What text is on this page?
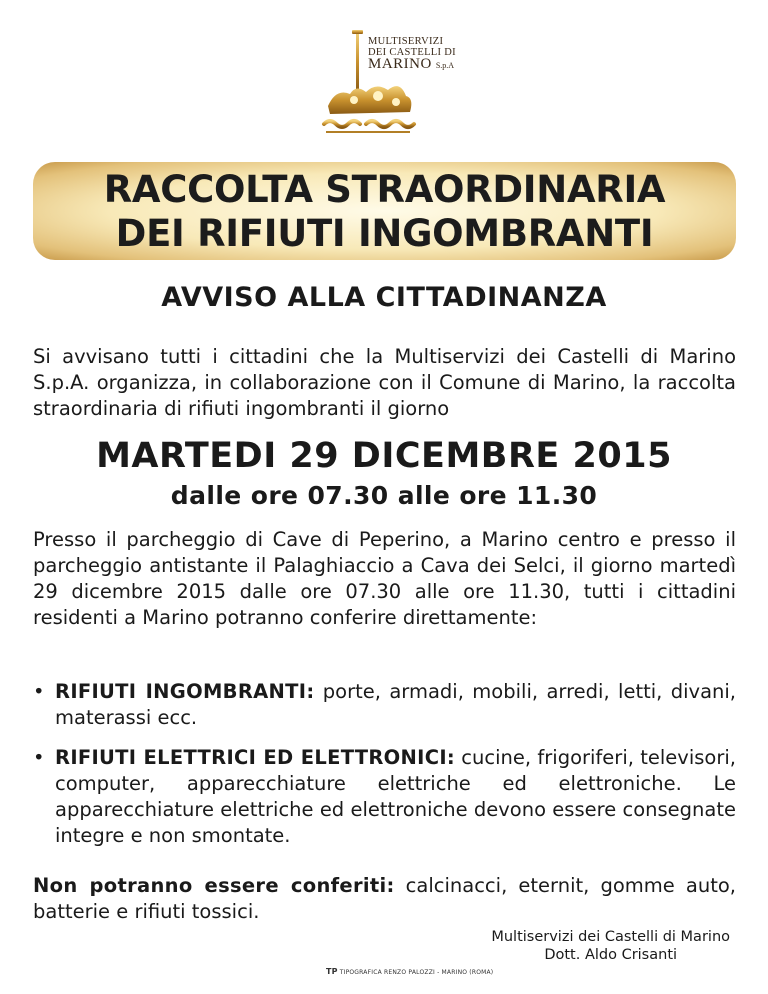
MULTISERVIZI
DEI CASTELLI DI
MARINO S.p.A
RACCOLTA STRAORDINARIA
DEI RIFIUTI INGOMBRANTI
AVVISO ALLA CITTADINANZA
Si avvisano tutti i cittadini che la Multiservizi dei Castelli di Marino S.p.A. organizza, in collaborazione con il Comune di Marino, la raccolta straordinaria di rifiuti ingombranti il giorno
MARTEDI 29 DICEMBRE 2015
dalle ore 07.30 alle ore 11.30
Presso il parcheggio di Cave di Peperino, a Marino centro e presso il parcheggio antistante il Palaghiaccio a Cava dei Selci, il giorno martedì 29 dicembre 2015 dalle ore 07.30 alle ore 11.30, tutti i cittadini residenti a Marino potranno conferire direttamente:
• RIFIUTI INGOMBRANTI: porte, armadi, mobili, arredi, letti, divani, materassi ecc.
• RIFIUTI ELETTRICI ED ELETTRONICI: cucine, frigoriferi, televisori, computer, apparecchiature elettriche ed elettroniche. Le apparecchiature elettriche ed elettroniche devono essere consegnate integre e non smontate.
Non potranno essere conferiti: calcinacci, eternit, gomme auto, batterie e rifiuti tossici.
Multiservizi dei Castelli di Marino
Dott. Aldo Crisanti
TP TIPOGRAFICA RENZO PALOZZI - MARINO (ROMA)
